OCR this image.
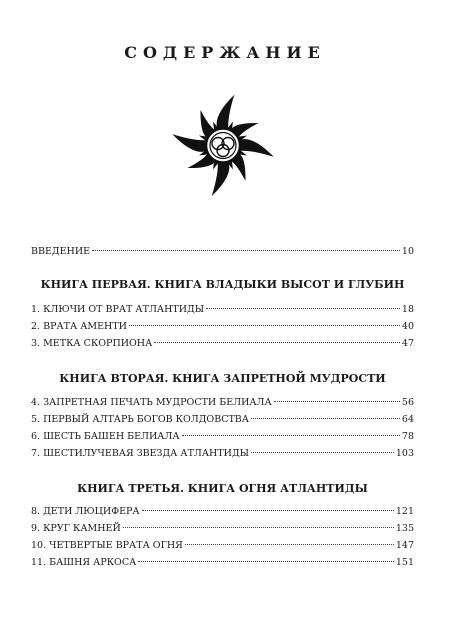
СОДЕРЖАНИЕ
ВВЕДЕНИЕ	10
КНИГА ПЕРВАЯ. КНИГА ВЛАДЫКИ ВЫСОТ И ГЛУБИН
1. КЛЮЧИ ОТ ВРАТ АТЛАНТИДЫ	18
2. ВРАТА АМЕНТИ	40
3. МЕТКА СКОРПИОНА	47
КНИГА ВТОРАЯ. КНИГА ЗАПРЕТНОЙ МУДРОСТИ
4. ЗАПРЕТНАЯ ПЕЧАТЬ МУДРОСТИ БЕЛИАЛА	56
5. ПЕРВЫЙ АЛТАРЬ БОГОВ КОЛДОВСТВА	64
6. ШЕСТЬ БАШЕН БЕЛИАЛА	78
7. ШЕСТИЛУЧЕВАЯ ЗВЕЗДА АТЛАНТИДЫ	103
КНИГА ТРЕТЬЯ. КНИГА ОГНЯ АТЛАНТИДЫ
8. ДЕТИ ЛЮЦИФЕРА	121
9. КРУГ КАМНЕЙ	135
10. ЧЕТВЕРТЫЕ ВРАТА ОГНЯ	147
11. БАШНЯ АРКОСА	151
